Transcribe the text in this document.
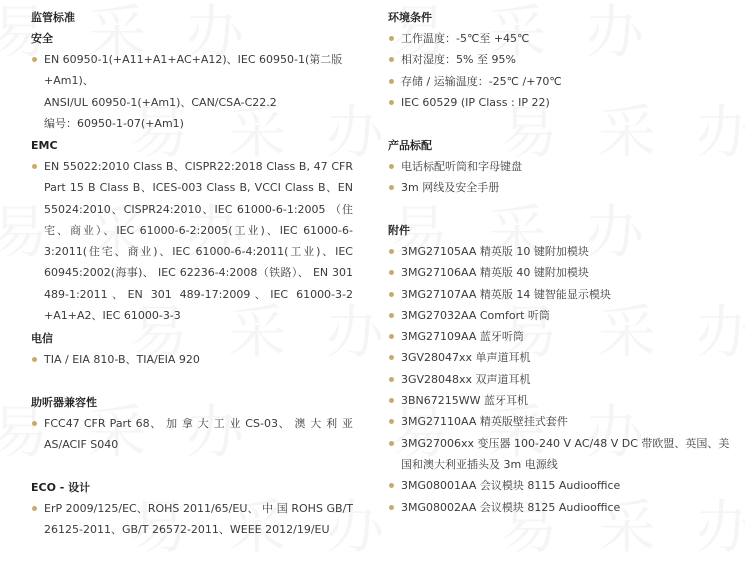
监管标准
安全
EN 60950-1(+A11+A1+AC+A12)、IEC 60950-1(第二版 +Am1)、
ANSI/UL 60950-1(+Am1)、CAN/CSA-C22.2
编号：60950-1-07(+Am1)
EMC
EN 55022:2010 Class B、CISPR22:2018 Class B, 47 CFR Part 15 B Class B、ICES-003 Class B, VCCI Class B、EN 55024:2010、CISPR24:2010、IEC 61000-6-1:2005 （住宅、商业）、IEC 61000-6-2:2005(工业)、IEC 61000-6-3:2011(住宅、商业)、IEC 61000-6-4:2011(工业)、IEC 60945:2002(海事)、 IEC 62236-4:2008（铁路）、 EN 301 489-1:2011、EN 301 489-17:2009、IEC 61000-3-2 +A1+A2、IEC 61000-3-3
电信
TIA / EIA 810-B、TIA/EIA 920
助听器兼容性
FCC47 CFR Part 68、 加 拿 大 工 业 CS-03、 澳 大 利 亚 AS/ACIF S040
ECO - 设计
ErP 2009/125/EC、ROHS 2011/65/EU、 中 国 ROHS GB/T 26125-2011、GB/T 26572-2011、WEEE 2012/19/EU
环境条件
工作温度：-5℃至 +45℃
相对湿度：5% 至 95%
存储 / 运输温度：-25℃ /+70℃
IEC 60529 (IP Class : IP 22)
产品标配
电话标配听筒和字母键盘
3m 网线及安全手册
附件
3MG27105AA 精英版 10 键附加模块
3MG27106AA 精英版 40 键附加模块
3MG27107AA 精英版 14 键智能显示模块
3MG27032AA Comfort 听筒
3MG27109AA 蓝牙听筒
3GV28047xx 单声道耳机
3GV28048xx 双声道耳机
3BN67215WW 蓝牙耳机
3MG27110AA 精英版壁挂式套件
3MG27006xx 变压器 100-240 V AC/48 V DC 带欧盟、英国、美国和澳大利亚插头及 3m 电源线
3MG08001AA 会议模块 8115 Audiooffice
3MG08002AA 会议模块 8125 Audiooffice
